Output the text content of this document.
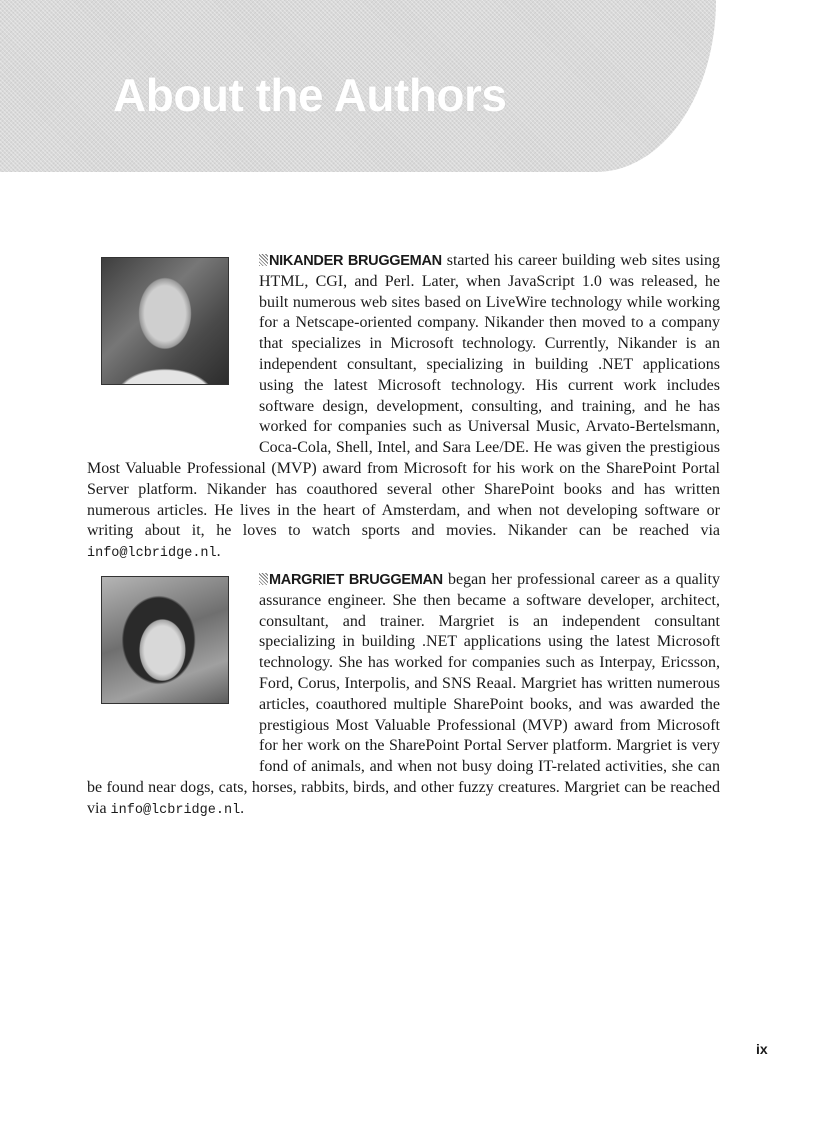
About the Authors

NIKANDER BRUGGEMAN started his career building web sites using HTML, CGI, and Perl. Later, when JavaScript 1.0 was released, he built numerous web sites based on LiveWire technology while working for a Netscape-oriented company. Nikander then moved to a company that specializes in Microsoft technology. Currently, Nikander is an independent consultant, specializing in building .NET applications using the latest Microsoft technology. His current work includes software design, development, consulting, and training, and he has worked for companies such as Universal Music, Arvato-Bertelsmann, Coca-Cola, Shell, Intel, and Sara Lee/DE. He was given the prestigious Most Valuable Professional (MVP) award from Microsoft for his work on the SharePoint Portal Server platform. Nikander has coauthored several other SharePoint books and has written numerous articles. He lives in the heart of Amsterdam, and when not developing software or writing about it, he loves to watch sports and movies. Nikander can be reached via info@lcbridge.nl.

MARGRIET BRUGGEMAN began her professional career as a quality assurance engineer. She then became a software developer, architect, consultant, and trainer. Margriet is an independent consultant specializing in building .NET applications using the latest Microsoft technology. She has worked for companies such as Interpay, Ericsson, Ford, Corus, Interpolis, and SNS Reaal. Margriet has written numerous articles, coauthored multiple SharePoint books, and was awarded the prestigious Most Valuable Professional (MVP) award from Microsoft for her work on the SharePoint Portal Server platform. Margriet is very fond of animals, and when not busy doing IT-related activities, she can be found near dogs, cats, horses, rabbits, birds, and other fuzzy creatures. Margriet can be reached via info@lcbridge.nl.

ix
